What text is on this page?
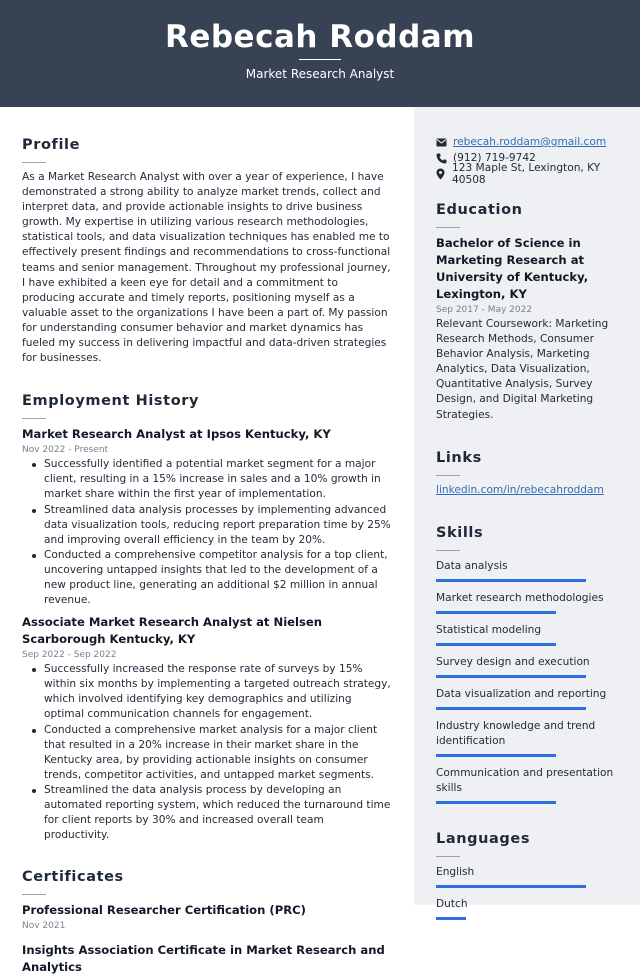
Rebecah Roddam
Market Research Analyst
Profile
As a Market Research Analyst with over a year of experience, I have demonstrated a strong ability to analyze market trends, collect and interpret data, and provide actionable insights to drive business growth. My expertise in utilizing various research methodologies, statistical tools, and data visualization techniques has enabled me to effectively present findings and recommendations to cross-functional teams and senior management. Throughout my professional journey, I have exhibited a keen eye for detail and a commitment to producing accurate and timely reports, positioning myself as a valuable asset to the organizations I have been a part of. My passion for understanding consumer behavior and market dynamics has fueled my success in delivering impactful and data-driven strategies for businesses.
Employment History
Market Research Analyst at Ipsos Kentucky, KY
Nov 2022 - Present
Successfully identified a potential market segment for a major client, resulting in a 15% increase in sales and a 10% growth in market share within the first year of implementation.
Streamlined data analysis processes by implementing advanced data visualization tools, reducing report preparation time by 25% and improving overall efficiency in the team by 20%.
Conducted a comprehensive competitor analysis for a top client, uncovering untapped insights that led to the development of a new product line, generating an additional $2 million in annual revenue.
Associate Market Research Analyst at Nielsen Scarborough Kentucky, KY
Sep 2022 - Sep 2022
Successfully increased the response rate of surveys by 15% within six months by implementing a targeted outreach strategy, which involved identifying key demographics and utilizing optimal communication channels for engagement.
Conducted a comprehensive market analysis for a major client that resulted in a 20% increase in their market share in the Kentucky area, by providing actionable insights on consumer trends, competitor activities, and untapped market segments.
Streamlined the data analysis process by developing an automated reporting system, which reduced the turnaround time for client reports by 30% and increased overall team productivity.
Certificates
Professional Researcher Certification (PRC)
Nov 2021
Insights Association Certificate in Market Research and Analytics
rebecah.roddam@gmail.com
(912) 719-9742
123 Maple St, Lexington, KY 40508
Education
Bachelor of Science in Marketing Research at University of Kentucky, Lexington, KY
Sep 2017 - May 2022
Relevant Coursework: Marketing Research Methods, Consumer Behavior Analysis, Marketing Analytics, Data Visualization, Quantitative Analysis, Survey Design, and Digital Marketing Strategies.
Links
linkedin.com/in/rebecahroddam
Skills
Data analysis
Market research methodologies
Statistical modeling
Survey design and execution
Data visualization and reporting
Industry knowledge and trend identification
Communication and presentation skills
Languages
English
Dutch
